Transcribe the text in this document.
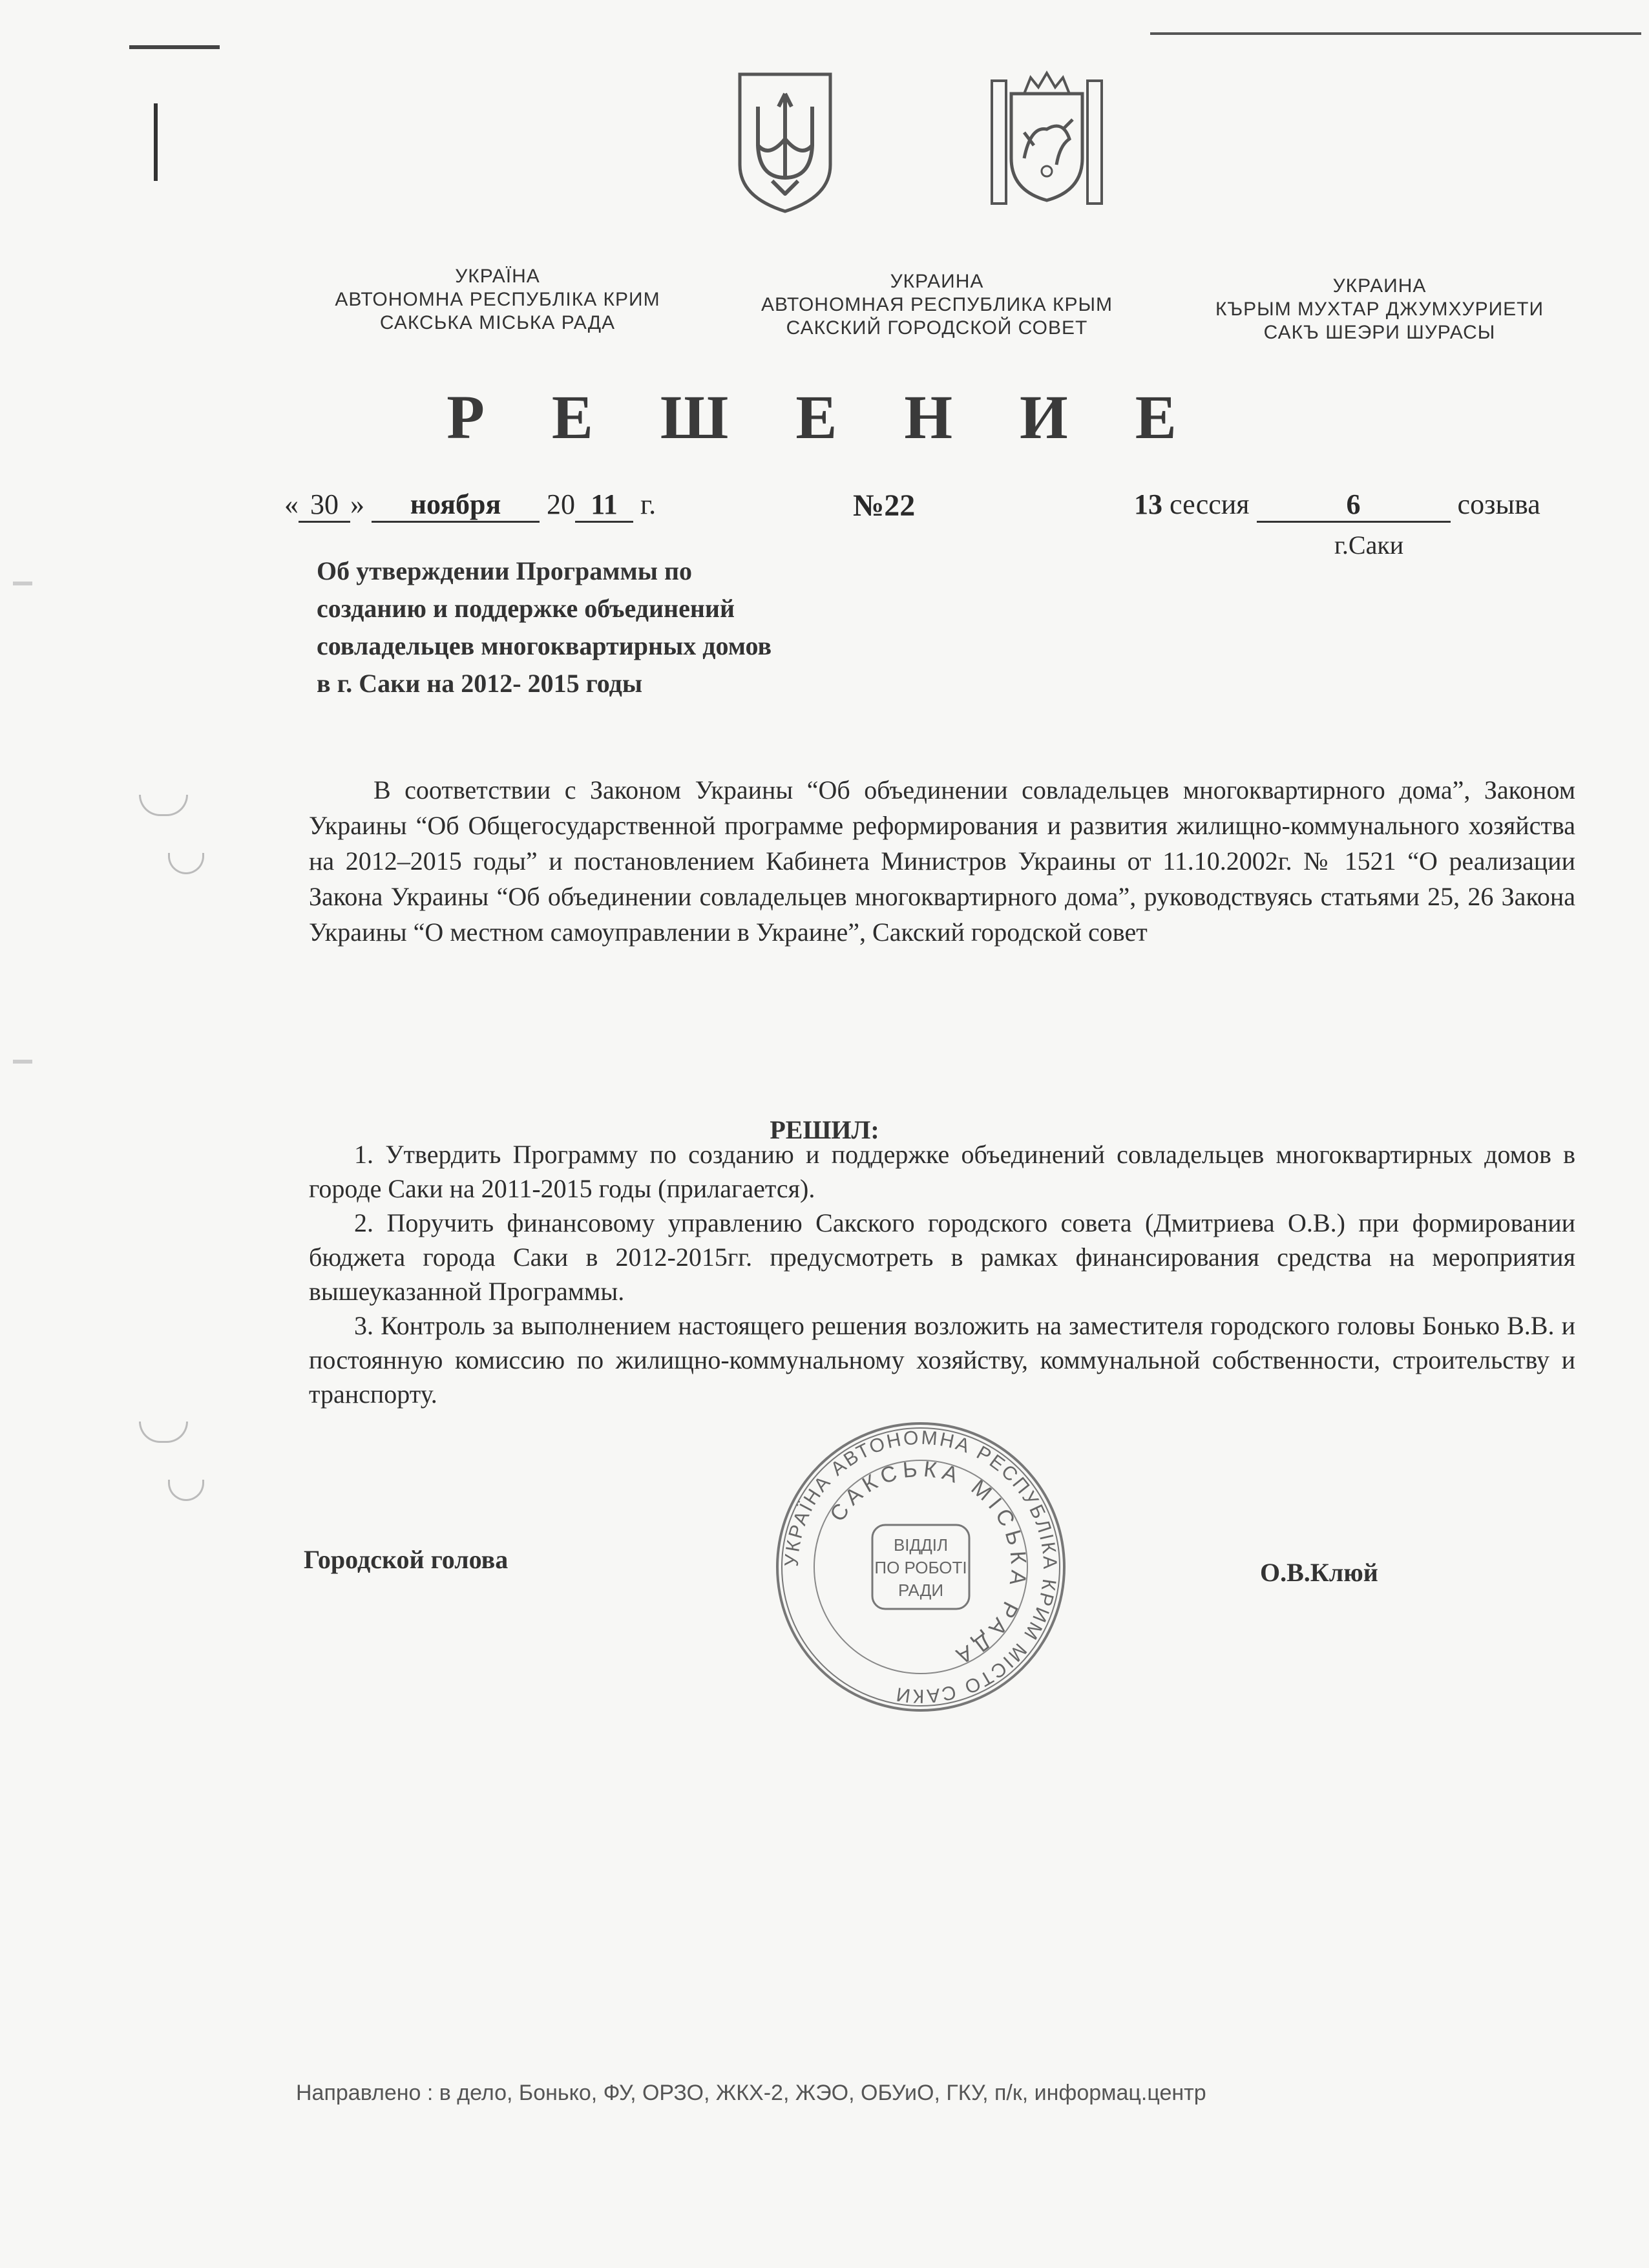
УКРАЇНА
АВТОНОМНА РЕСПУБЛІКА КРИМ
САКСЬКА МІСЬКА РАДА
УКРАИНА
АВТОНОМНАЯ РЕСПУБЛИКА КРЫМ
САКСКИЙ ГОРОДСКОЙ СОВЕТ
УКРАИНА
КЪРЫМ МУХТАР ДЖУМХУРИЕТИ
САКЪ ШЕЭРИ ШУРАСЫ
Р Е Ш Е Н И Е
« 30 » ноября 20 11 г.	№22	13 сессия	6	созыва
г.Саки
Об утверждении Программы по
созданию и поддержке объединений
совладельцев многоквартирных домов
в г. Саки на 2012- 2015 годы

В соответствии с Законом Украины “Об объединении совладельцев многоквартирного дома”, Законом Украины “Об Общегосударственной программе реформирования и развития жилищно-коммунального хозяйства на 2012–2015 годы” и постановлением Кабинета Министров Украины от 11.10.2002г. № 1521 “О реализации Закона Украины “Об объединении совладельцев многоквартирного дома”, руководствуясь статьями 25, 26 Закона Украины “О местном самоуправлении в Украине”, Сакский городской совет

РЕШИЛ:

1. Утвердить Программу по созданию и поддержке объединений совладельцев многоквартирных домов в городе Саки на 2011-2015 годы (прилагается).

2. Поручить финансовому управлению Сакского городского совета (Дмитриева О.В.) при формировании бюджета города Саки в 2012-2015гг. предусмотреть в рамках финансирования средства на мероприятия вышеуказанной Программы.

3. Контроль за выполнением настоящего решения возложить на заместителя городского головы Бонько В.В. и постоянную комиссию по жилищно-коммунальному хозяйству, коммунальной собственности, строительству и транспорту.

УКРАЇНА АВТОНОМНА РЕСПУБЛІКА КРИМ МІСТО САКИ
САКСЬКА МІСЬКА РАДА
ВІДДІЛ
ПО РОБОТІ
РАДИ
Городской голова	О.В.Клюй
Направлено : в дело, Бонько, ФУ, ОРЗО, ЖКХ-2, ЖЭО, ОБУиО, ГКУ, п/к, информац.центр
